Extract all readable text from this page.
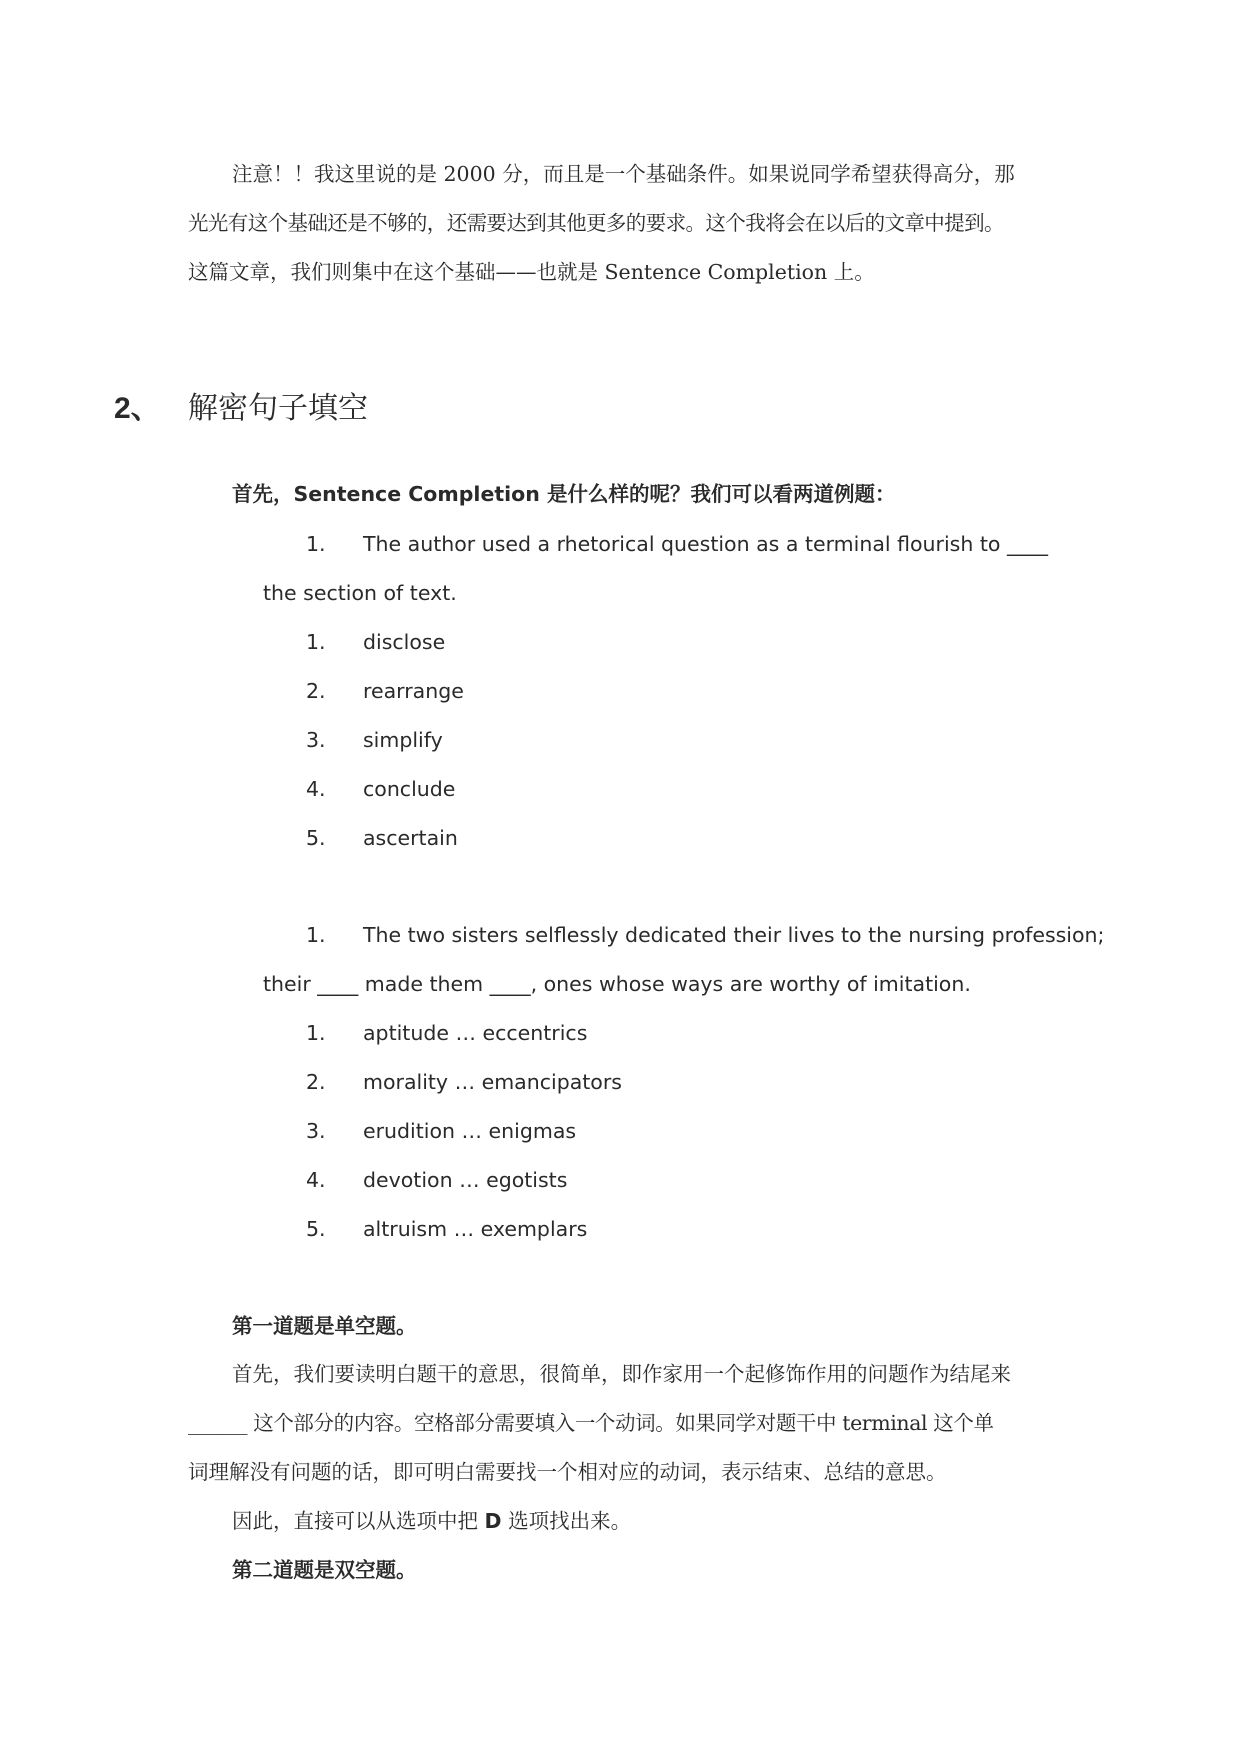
注意！！我这里说的是 2000 分，而且是一个基础条件。如果说同学希望获得高分，那
光光有这个基础还是不够的，还需要达到其他更多的要求。这个我将会在以后的文章中提到。
这篇文章，我们则集中在这个基础——也就是 Sentence Completion 上。
2、 解密句子填空
首先，Sentence Completion 是什么样的呢？我们可以看两道例题：
1. The author used a rhetorical question as a terminal flourish to ____
the section of text.
1. disclose
2. rearrange
3. simplify
4. conclude
5. ascertain
1. The two sisters selflessly dedicated their lives to the nursing profession;
their ____ made them ____, ones whose ways are worthy of imitation.
1. aptitude … eccentrics
2. morality … emancipators
3. erudition … enigmas
4. devotion … egotists
5. altruism … exemplars
第一道题是单空题。
首先，我们要读明白题干的意思，很简单，即作家用一个起修饰作用的问题作为结尾来
______ 这个部分的内容。空格部分需要填入一个动词。如果同学对题干中 terminal 这个单
词理解没有问题的话，即可明白需要找一个相对应的动词，表示结束、总结的意思。
因此，直接可以从选项中把 D 选项找出来。
第二道题是双空题。
